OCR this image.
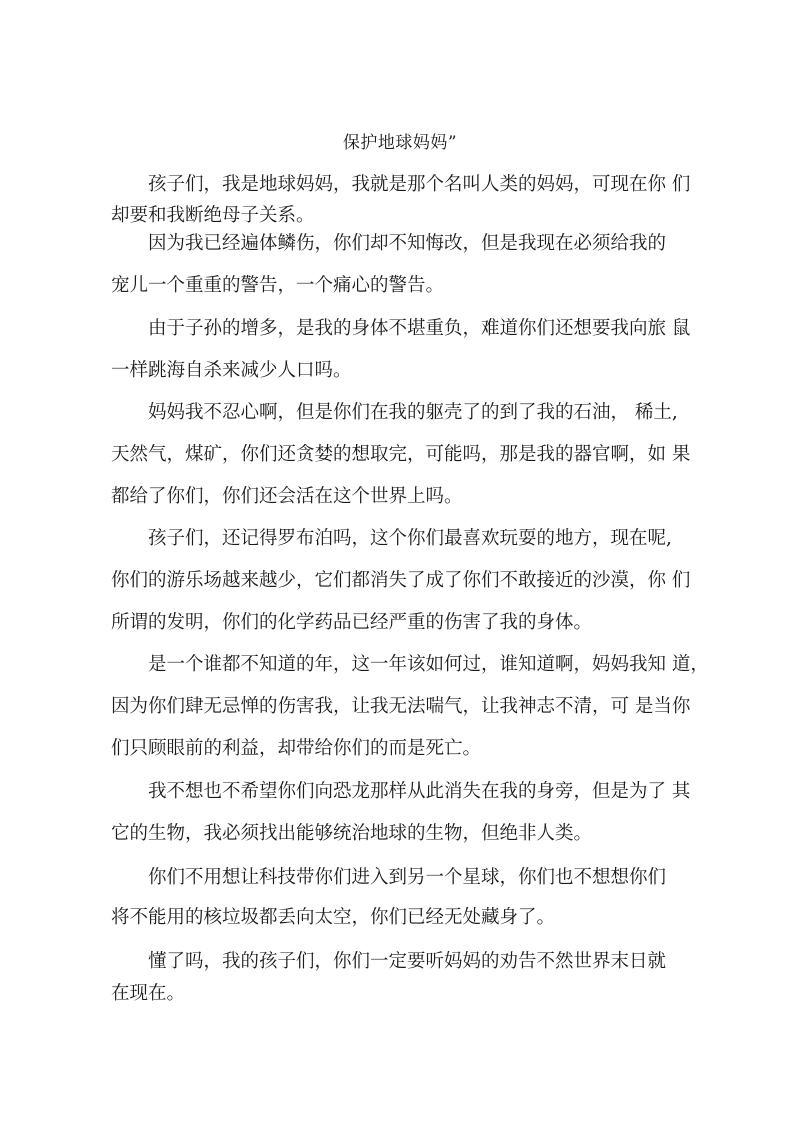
保护地球妈妈”
孩子们，我是地球妈妈，我就是那个名叫人类的妈妈，可现在你 们
却要和我断绝母子关系。
因为我已经遍体鳞伤，你们却不知悔改，但是我现在必须给我的
宠儿一个重重的警告，一个痛心的警告。
由于子孙的增多，是我的身体不堪重负，难道你们还想要我向旅 鼠
一样跳海自杀来减少人口吗。
妈妈我不忍心啊，但是你们在我的躯壳了的到了我的石油， 稀土,
天然气，煤矿，你们还贪婪的想取完，可能吗，那是我的器官啊，如 果
都给了你们，你们还会活在这个世界上吗。
孩子们，还记得罗布泊吗，这个你们最喜欢玩耍的地方，现在呢,
你们的游乐场越来越少，它们都消失了成了你们不敢接近的沙漠，你 们
所谓的发明，你们的化学药品已经严重的伤害了我的身体。
是一个谁都不知道的年，这一年该如何过，谁知道啊，妈妈我知 道，
因为你们肆无忌惮的伤害我，让我无法喘气，让我神志不清，可 是当你
们只顾眼前的利益，却带给你们的而是死亡。
我不想也不希望你们向恐龙那样从此消失在我的身旁，但是为了 其
它的生物，我必须找出能够统治地球的生物，但绝非人类。
你们不用想让科技带你们进入到另一个星球，你们也不想想你们
将不能用的核垃圾都丢向太空，你们已经无处藏身了。
懂了吗，我的孩子们，你们一定要听妈妈的劝告不然世界末日就
在现在。
